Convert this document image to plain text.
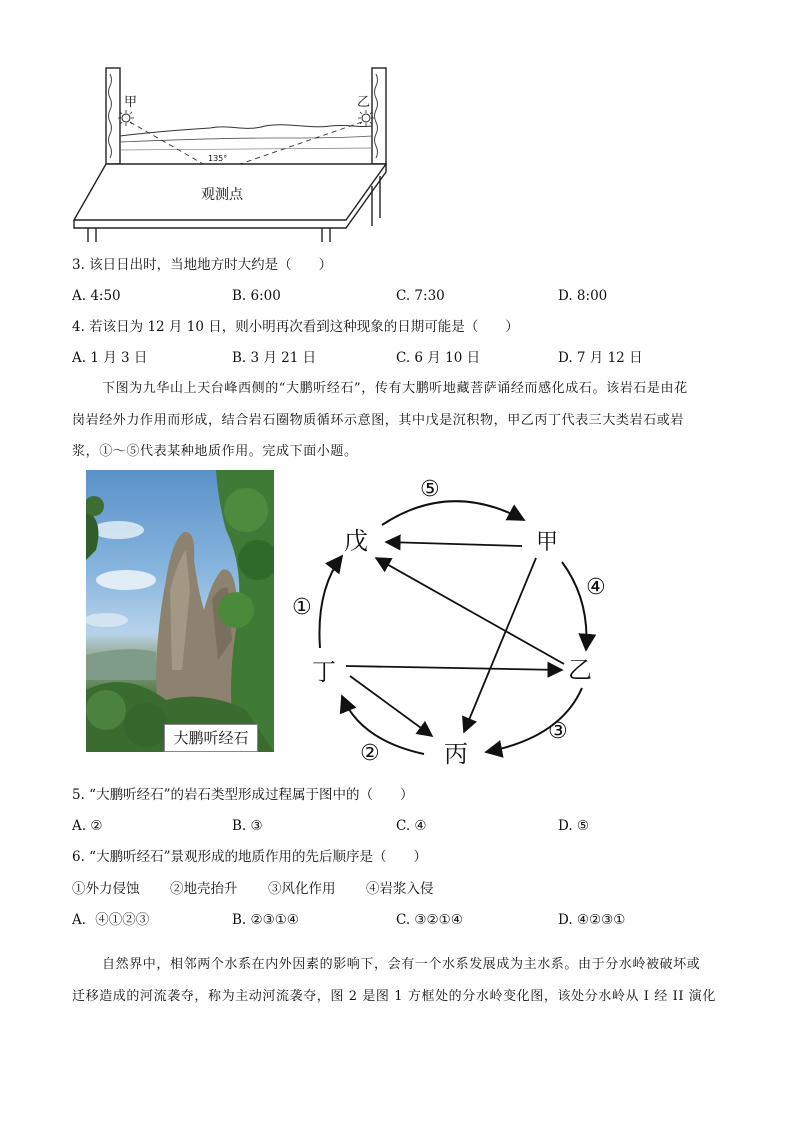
甲	乙
135°
观测点
3. 该日日出时，当地地方时大约是（　　）
A. 4:50	B. 6:00	C. 7:30	D. 8:00
4. 若该日为 12 月 10 日，则小明再次看到这种现象的日期可能是（　　）
A. 1 月 3 日	B. 3 月 21 日	C. 6 月 10 日	D. 7 月 12 日
下图为九华山上天台峰西侧的“大鹏听经石”，传有大鹏听地藏菩萨诵经而感化成石。该岩石是由花
岗岩经外力作用而形成，结合岩石圈物质循环示意图，其中戊是沉积物，甲乙丙丁代表三大类岩石或岩
浆，①～⑤代表某种地质作用。完成下面小题。
大鹏听经石
戊	甲
乙
丙
丁
⑤
④
①
③
②
5. “大鹏听经石”的岩石类型形成过程属于图中的（　　）
A. ②	B. ③	C. ④	D. ⑤
6. “大鹏听经石”景观形成的地质作用的先后顺序是（　　）
①外力侵蚀 ②地壳抬升 ③风化作用 ④岩浆入侵
A．④①②③	B. ②③①④	C. ③②①④	D. ④②③①
自然界中，相邻两个水系在内外因素的影响下，会有一个水系发展成为主水系。由于分水岭被破坏或
迁移造成的河流袭夺，称为主动河流袭夺，图 2 是图 1 方框处的分水岭变化图，该处分水岭从 I 经 II 演化
